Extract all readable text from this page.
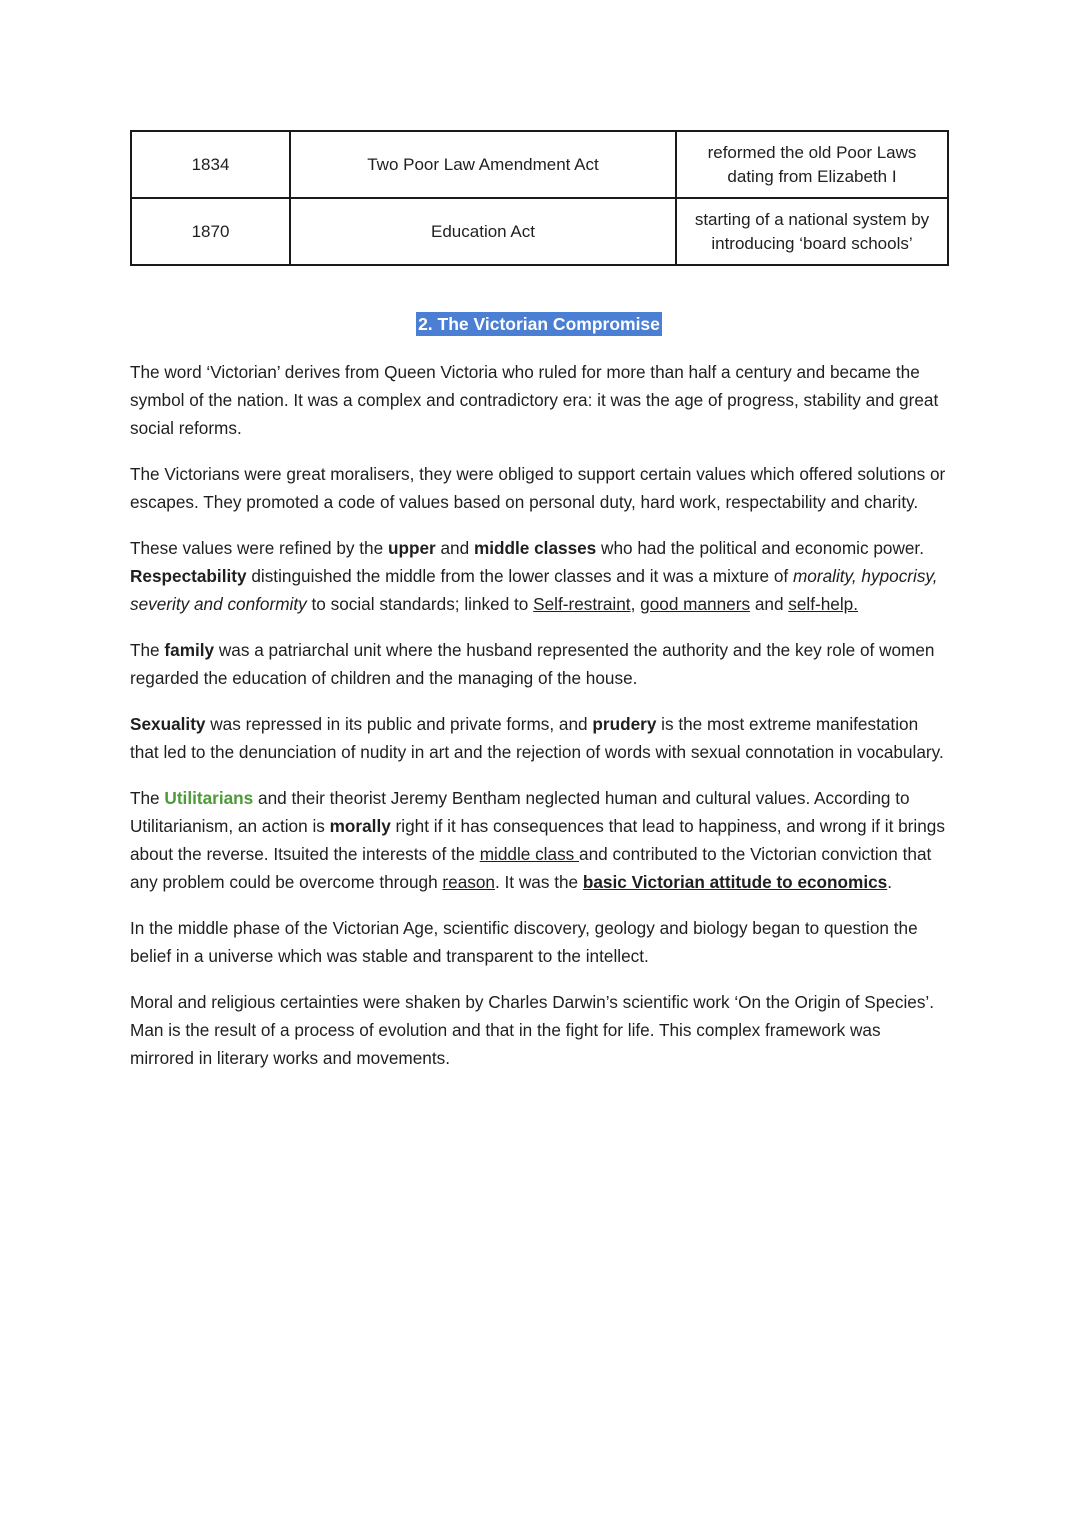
1834	Two Poor Law Amendment Act	reformed the old Poor Laws dating from Elizabeth I
1870	Education Act	starting of a national system by introducing ‘board schools’
2. The Victorian Compromise

The word ‘Victorian’ derives from Queen Victoria who ruled for more than half a century and became the symbol of the nation. It was a complex and contradictory era: it was the age of progress, stability and great social reforms.

The Victorians were great moralisers, they were obliged to support certain values which offered solutions or escapes. They promoted a code of values based on personal duty, hard work, respectability and charity.

These values were refined by the upper and middle classes who had the political and economic power. Respectability distinguished the middle from the lower classes and it was a mixture of morality, hypocrisy, severity and conformity to social standards; linked to Self-restraint, good manners and self-help.

The family was a patriarchal unit where the husband represented the authority and the key role of women regarded the education of children and the managing of the house.

Sexuality was repressed in its public and private forms, and prudery is the most extreme manifestation that led to the denunciation of nudity in art and the rejection of words with sexual connotation in vocabulary.

The Utilitarians and their theorist Jeremy Bentham neglected human and cultural values. According to Utilitarianism, an action is morally right if it has consequences that lead to happiness, and wrong if it brings about the reverse. Itsuited the interests of the middle class and contributed to the Victorian conviction that any problem could be overcome through reason. It was the basic Victorian attitude to economics.

In the middle phase of the Victorian Age, scientific discovery, geology and biology began to question the belief in a universe which was stable and transparent to the intellect.

Moral and religious certainties were shaken by Charles Darwin’s scientific work ‘On the Origin of Species’. Man is the result of a process of evolution and that in the fight for life. This complex framework was mirrored in literary works and movements.
